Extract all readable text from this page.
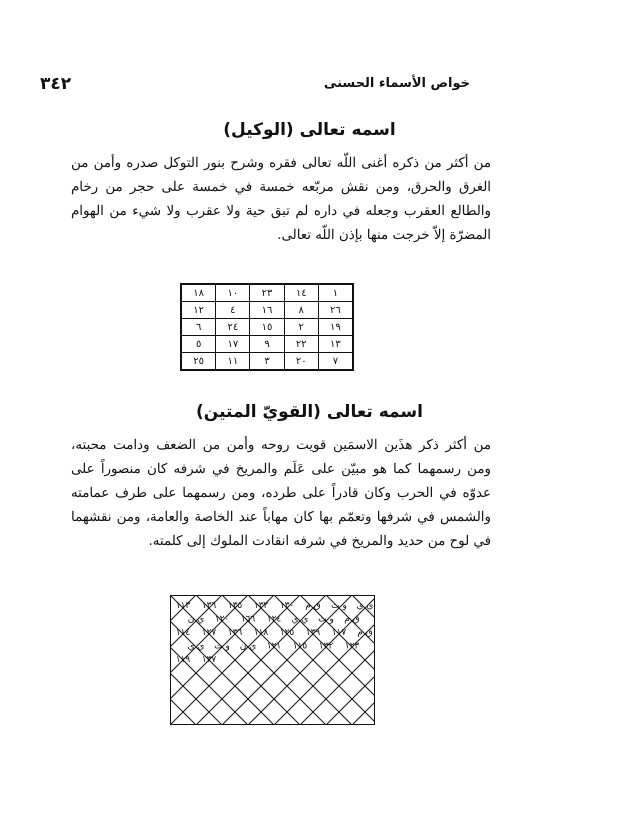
٣٤٢	خواص الأسماء الحسنى
اسمه تعالى (الوكيل)
من أكثر من ذكره أغنى اللّه تعالى فقره وشرح بنور التوكل صدره وأمن من الغرق والحرق، ومن نقش مربّعه خمسة في خمسة على حجر من رخام والطالع العقرب وجعله في داره لم تبق حية ولا عقرب ولا شيء من الهوام المضرّة إلاّ خرجت منها بإذن اللّه تعالى.
١	١٤	٢٣	١٠	١٨
٢٦	٨	١٦	٤	١٢
١٩	٢	١٥	٢٤	٦
١٣	٢٢	٩	١٧	٥
٧	٢٠	٣	١١	٢٥
اسمه تعالى (القويّ المتين)
من أكثر ذكر هذَين الاسمَين قويت روحه وأمن من الضعف ودامت محبته، ومن رسمهما كما هو مبيّن على عَلَم والمريخ في شرفه كان منصوراً على عدوّه في الحرب وكان قادراً على طرده، ومن رسمهما على طرف عمامته والشمس في شرفها وتعمّم بها كان مهاباً عند الخاصة والعامة، ومن نقشهما في لوح من حديد والمريخ في شرفه انقادت الملوك إلى كلمته.
١١٣ ١٣٦ ١٣٥ ١٣٢ ١٣٠ ق م و ت ي ي
ي ن ١٢٠ ١٦٦ ١٢٤ ي ي و ت ق م
١١٤ ١٢٧ ١٣٦ ١١٨ ١٢٥ ١٣٩ ١١٧ ق م
ي ي و ت ي ن ١٢١ ١١٥ ١٣٢ ١٢٣
١١٩ ١٣٧
